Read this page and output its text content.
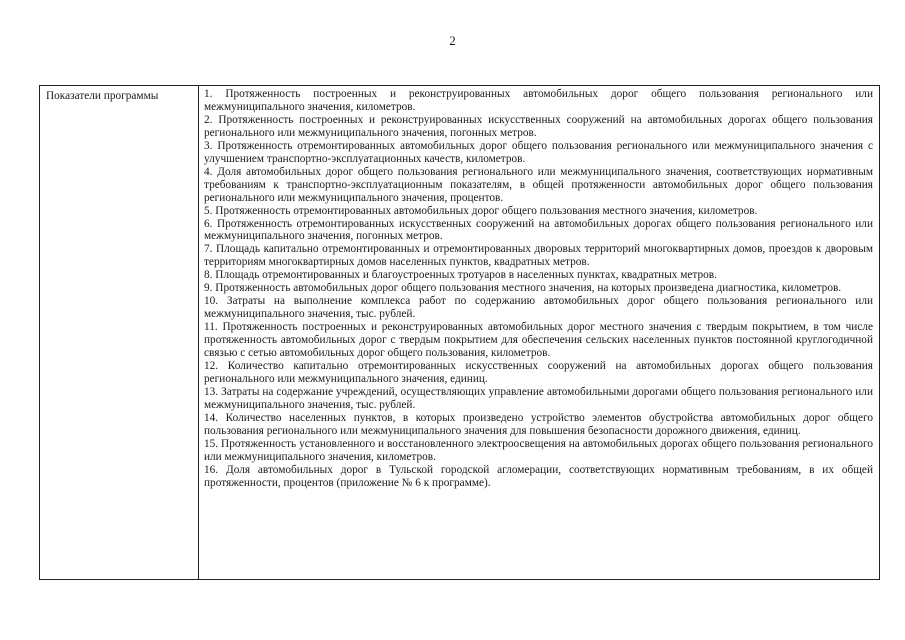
2
Показатели программы	1. Протяженность построенных и реконструированных автомобильных дорог общего пользования регионального или межмуниципального значения, километров.

2. Протяженность построенных и реконструированных искусственных сооружений на автомобильных дорогах общего пользования регионального или межмуниципального значения, погонных метров.

3. Протяженность отремонтированных автомобильных дорог общего пользования регионального или межмуниципального значения с улучшением транспортно-эксплуатационных качеств, километров.

4. Доля автомобильных дорог общего пользования регионального или межмуниципального значения, соответствующих нормативным требованиям к транспортно-эксплуатационным показателям, в общей протяженности автомобильных дорог общего пользования регионального или межмуниципального значения, процентов.

5. Протяженность отремонтированных автомобильных дорог общего пользования местного значения, километров.

6. Протяженность отремонтированных искусственных сооружений на автомобильных дорогах общего пользования регионального или межмуниципального значения, погонных метров.

7. Площадь капитально отремонтированных и отремонтированных дворовых территорий многоквартирных домов, проездов к дворовым территориям многоквартирных домов населенных пунктов, квадратных метров.

8. Площадь отремонтированных и благоустроенных тротуаров в населенных пунктах, квадратных метров.

9. Протяженность автомобильных дорог общего пользования местного значения, на которых произведена диагностика, километров.

10. Затраты на выполнение комплекса работ по содержанию автомобильных дорог общего пользования регионального или межмуниципального значения, тыс. рублей.

11. Протяженность построенных и реконструированных автомобильных дорог местного значения с твердым покрытием, в том числе протяженность автомобильных дорог с твердым покрытием для обеспечения сельских населенных пунктов постоянной круглогодичной связью с сетью автомобильных дорог общего пользования, километров.

12. Количество капитально отремонтированных искусственных сооружений на автомобильных дорогах общего пользования регионального или межмуниципального значения, единиц.

13. Затраты на содержание учреждений, осуществляющих управление автомобильными дорогами общего пользования регионального или межмуниципального значения, тыс. рублей.

14. Количество населенных пунктов, в которых произведено устройство элементов обустройства автомобильных дорог общего пользования регионального или межмуниципального значения для повышения безопасности дорожного движения, единиц.

15. Протяженность установленного и восстановленного электроосвещения на автомобильных дорогах общего пользования регионального или межмуниципального значения, километров.

16. Доля автомобильных дорог в Тульской городской агломерации, соответствующих нормативным требованиям, в их общей протяженности, процентов (приложение № 6 к программе).
